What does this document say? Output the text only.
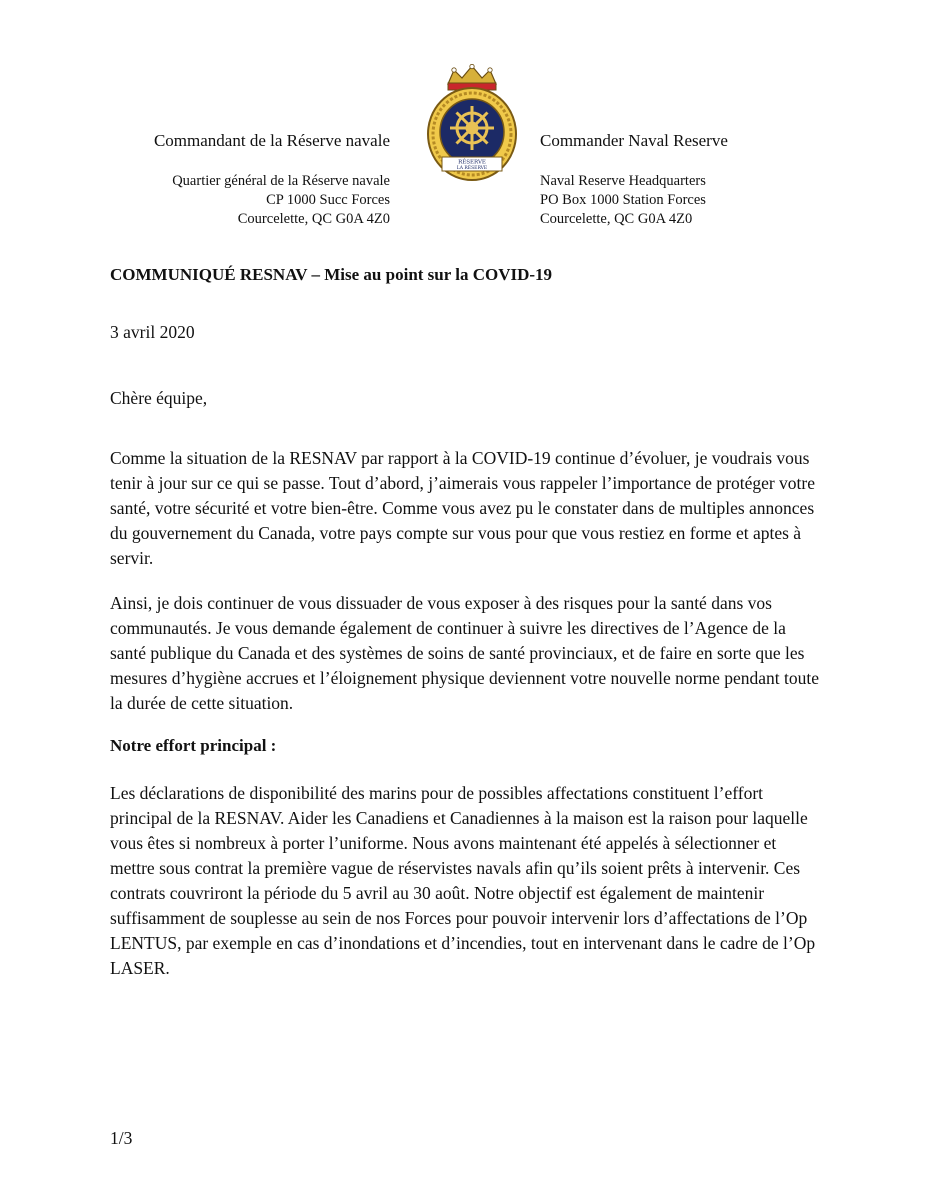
Commandant de la Réserve navale
Quartier général de la Réserve navale
CP 1000 Succ Forces
Courcelette, QC G0A 4Z0
RÉSERVE
LA RÉSERVE
Commander Naval Reserve
Naval Reserve Headquarters
PO Box 1000 Station Forces
Courcelette, QC G0A 4Z0
COMMUNIQUÉ RESNAV – Mise au point sur la COVID-19
3 avril 2020
Chère équipe,

Comme la situation de la RESNAV par rapport à la COVID-19 continue d’évoluer, je voudrais vous tenir à jour sur ce qui se passe. Tout d’abord, j’aimerais vous rappeler l’importance de protéger votre santé, votre sécurité et votre bien-être. Comme vous avez pu le constater dans de multiples annonces du gouvernement du Canada, votre pays compte sur vous pour que vous restiez en forme et aptes à servir.

Ainsi, je dois continuer de vous dissuader de vous exposer à des risques pour la santé dans vos communautés. Je vous demande également de continuer à suivre les directives de l’Agence de la santé publique du Canada et des systèmes de soins de santé provinciaux, et de faire en sorte que les mesures d’hygiène accrues et l’éloignement physique deviennent votre nouvelle norme pendant toute la durée de cette situation.

Notre effort principal :

Les déclarations de disponibilité des marins pour de possibles affectations constituent l’effort principal de la RESNAV. Aider les Canadiens et Canadiennes à la maison est la raison pour laquelle vous êtes si nombreux à porter l’uniforme. Nous avons maintenant été appelés à sélectionner et mettre sous contrat la première vague de réservistes navals afin qu’ils soient prêts à intervenir. Ces contrats couvriront la période du 5 avril au 30 août. Notre objectif est également de maintenir suffisamment de souplesse au sein de nos Forces pour pouvoir intervenir lors d’affectations de l’Op LENTUS, par exemple en cas d’inondations et d’incendies, tout en intervenant dans le cadre de l’Op LASER.

1/3
